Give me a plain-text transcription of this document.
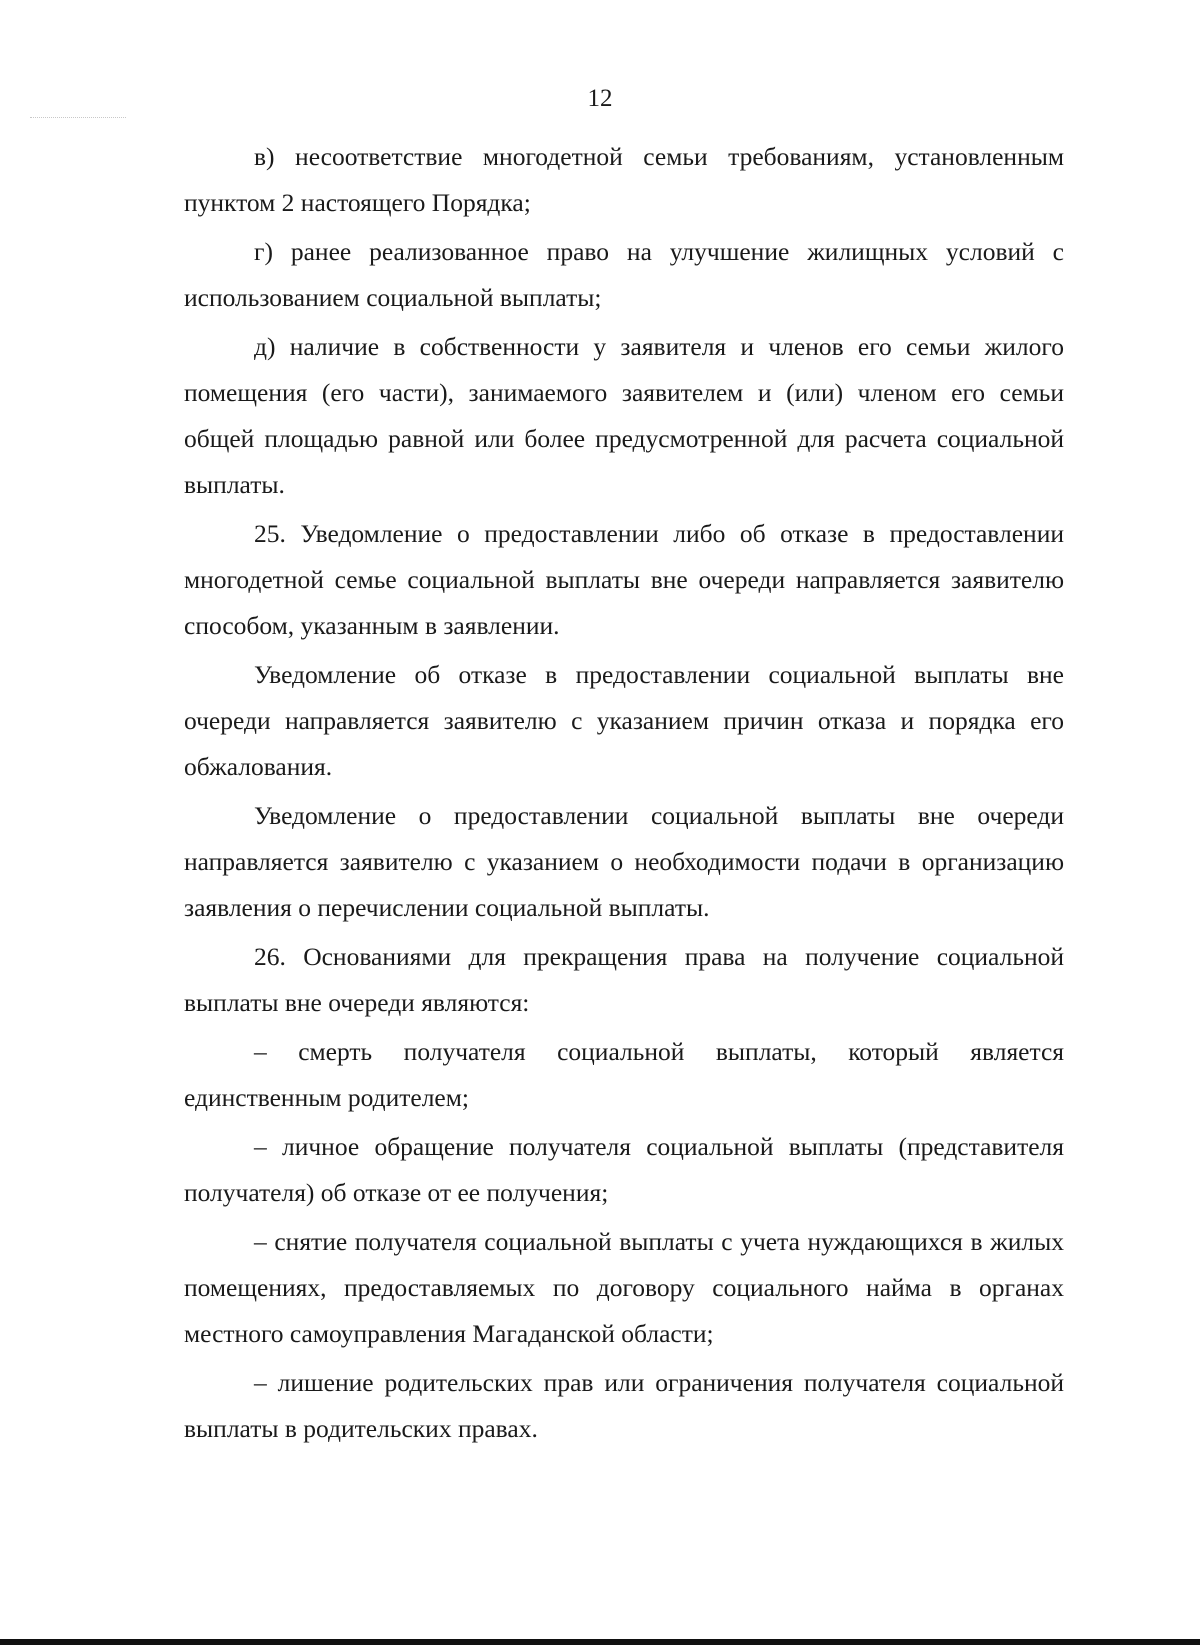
12

в) несоответствие многодетной семьи требованиям, установленным пунктом 2 настоящего Порядка;

г) ранее реализованное право на улучшение жилищных условий с использованием социальной выплаты;

д) наличие в собственности у заявителя и членов его семьи жилого помещения (его части), занимаемого заявителем и (или) членом его семьи общей площадью равной или более предусмотренной для расчета социальной выплаты.

25. Уведомление о предоставлении либо об отказе в предоставлении многодетной семье социальной выплаты вне очереди направляется заявителю способом, указанным в заявлении.

Уведомление об отказе в предоставлении социальной выплаты вне очереди направляется заявителю с указанием причин отказа и порядка его обжалования.

Уведомление о предоставлении социальной выплаты вне очереди направляется заявителю с указанием о необходимости подачи в организацию заявления о перечислении социальной выплаты.

26. Основаниями для прекращения права на получение социальной выплаты вне очереди являются:

– смерть получателя социальной выплаты, который является единственным родителем;

– личное обращение получателя социальной выплаты (представителя получателя) об отказе от ее получения;

– снятие получателя социальной выплаты с учета нуждающихся в жилых помещениях, предоставляемых по договору социального найма в органах местного самоуправления Магаданской области;

– лишение родительских прав или ограничения получателя социальной выплаты в родительских правах.
